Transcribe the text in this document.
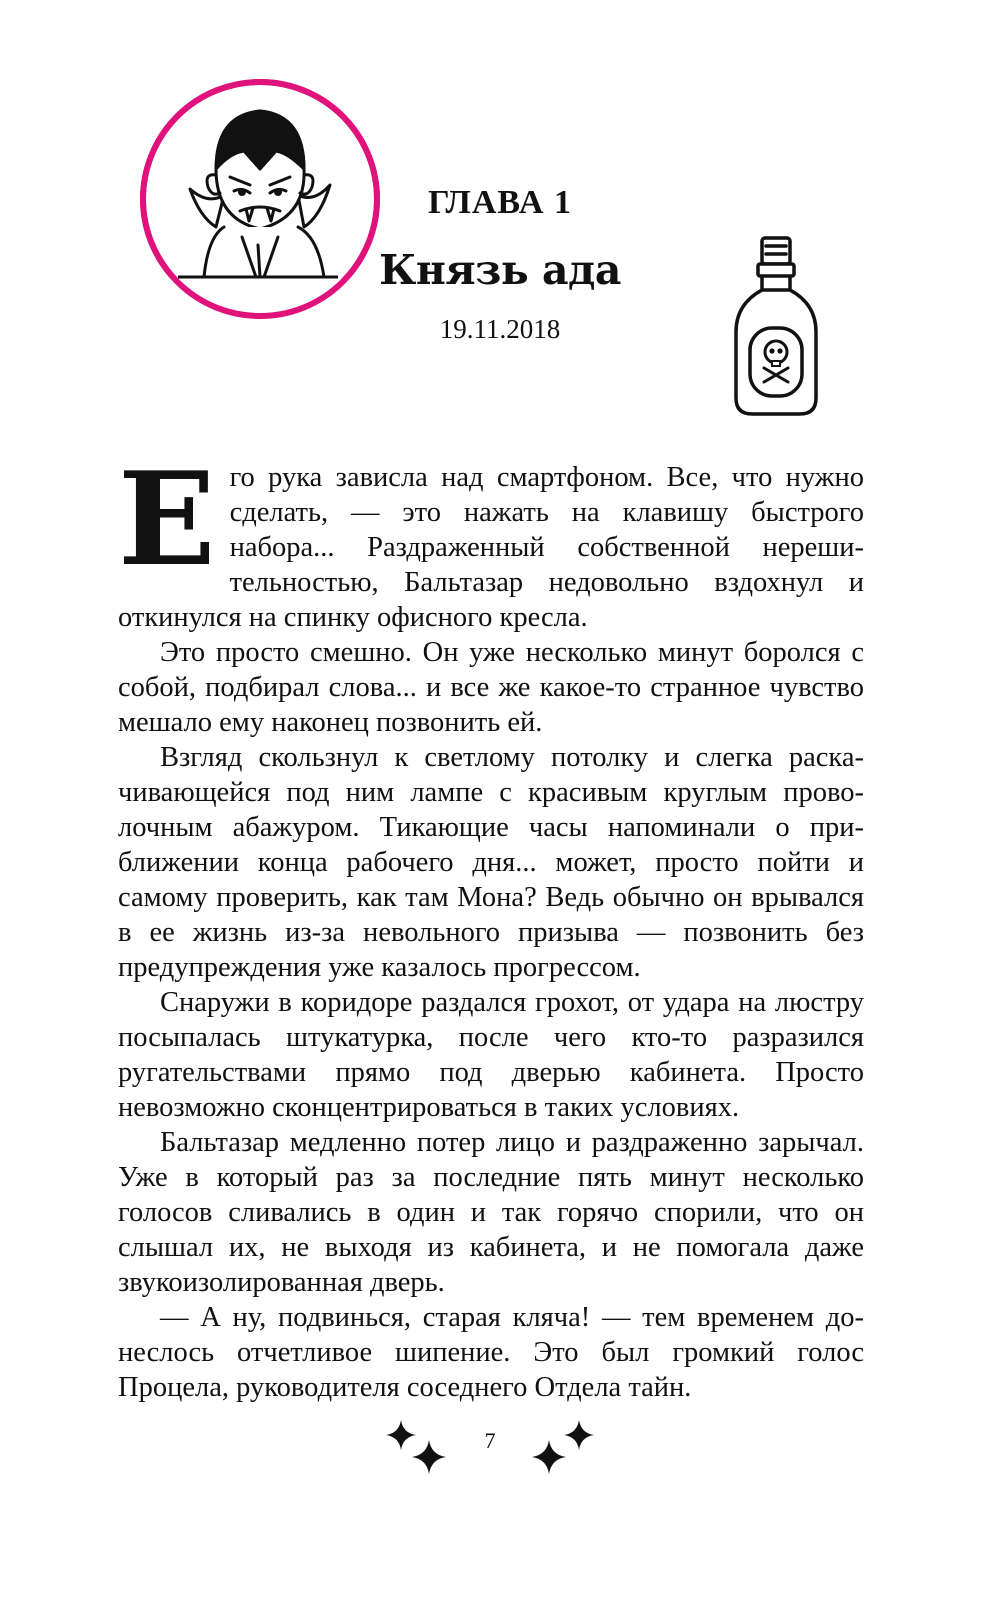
ГЛАВА 1
Князь ада
19.11.2018

Его рука зависла над смартфоном. Все, что нужно сделать, — это нажать на клавишу быстрого набора... Раздраженный собственной нерешительностью, Бальтазар недовольно вздохнул и откинулся на спинку офисного кресла.

Это просто смешно. Он уже несколько минут боролся с собой, подбирал слова... и все же какое-то странное чувство мешало ему наконец позвонить ей.

Взгляд скользнул к светлому потолку и слегка раскачивающейся под ним лампе с красивым круглым проволочным абажуром. Тикающие часы напоминали о приближении конца рабочего дня... может, просто пойти и самому проверить, как там Мона? Ведь обычно он врывался в ее жизнь из-за невольного призыва — позвонить без предупреждения уже казалось прогрессом.

Снаружи в коридоре раздался грохот, от удара на люстру посыпалась штукатурка, после чего кто-то разразился ругательствами прямо под дверью кабинета. Просто невозможно сконцентрироваться в таких условиях.

Бальтазар медленно потер лицо и раздраженно зарычал. Уже в который раз за последние пять минут несколько голосов сливались в один и так горячо спорили, что он слышал их, не выходя из кабинета, и не помогала даже звукоизолированная дверь.

— А ну, подвинься, старая кляча! — тем временем донеслось отчетливое шипение. Это был громкий голос Процела, руководителя соседнего Отдела тайн.

7
